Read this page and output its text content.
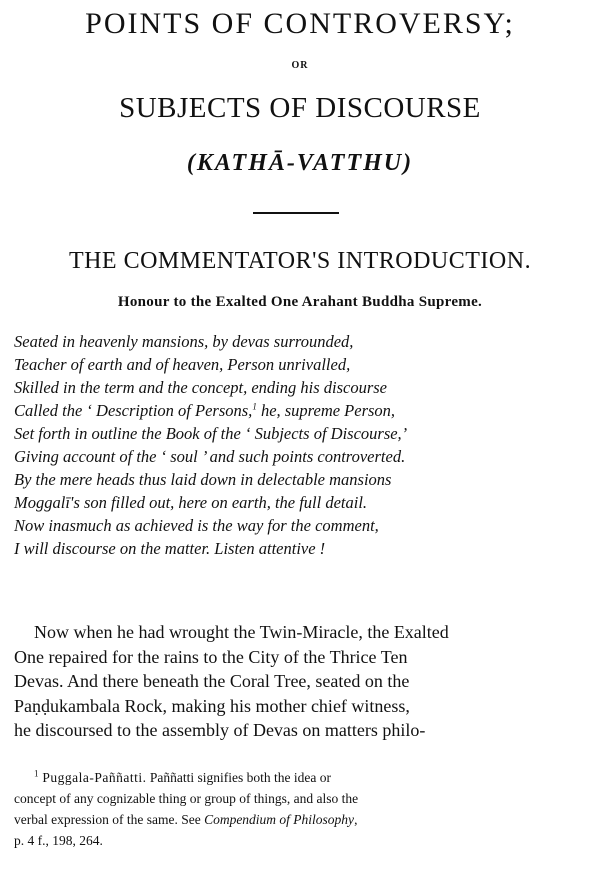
POINTS OF CONTROVERSY;
OR
SUBJECTS OF DISCOURSE
(KATHĀ-VATTHU)
THE COMMENTATOR'S INTRODUCTION.
Honour to the Exalted One Arahant Buddha Supreme.
Seated in heavenly mansions, by devas surrounded,
Teacher of earth and of heaven, Person unrivalled,
Skilled in the term and the concept, ending his discourse
Called the ‘ Description of Persons,$^1$ he, supreme Person,
Set forth in outline the Book of the ‘ Subjects of Discourse,’
Giving account of the ‘ soul ’ and such points controverted.
By the mere heads thus laid down in delectable mansions
Moggalī's son filled out, here on earth, the full detail.
Now inasmuch as achieved is the way for the comment,
I will discourse on the matter. Listen attentive !
Now when he had wrought the Twin-Miracle, the Exalted
One repaired for the rains to the City of the Thrice Ten
Devas. And there beneath the Coral Tree, seated on the
Paṇḍukambala Rock, making his mother chief witness,
he discoursed to the assembly of Devas on matters philo-
$^1$ Puggala-Paññatti. Paññatti signifies both the idea or
concept of any cognizable thing or group of things, and also the
verbal expression of the same. See Compendium of Philosophy,
p. 4 f., 198, 264.
